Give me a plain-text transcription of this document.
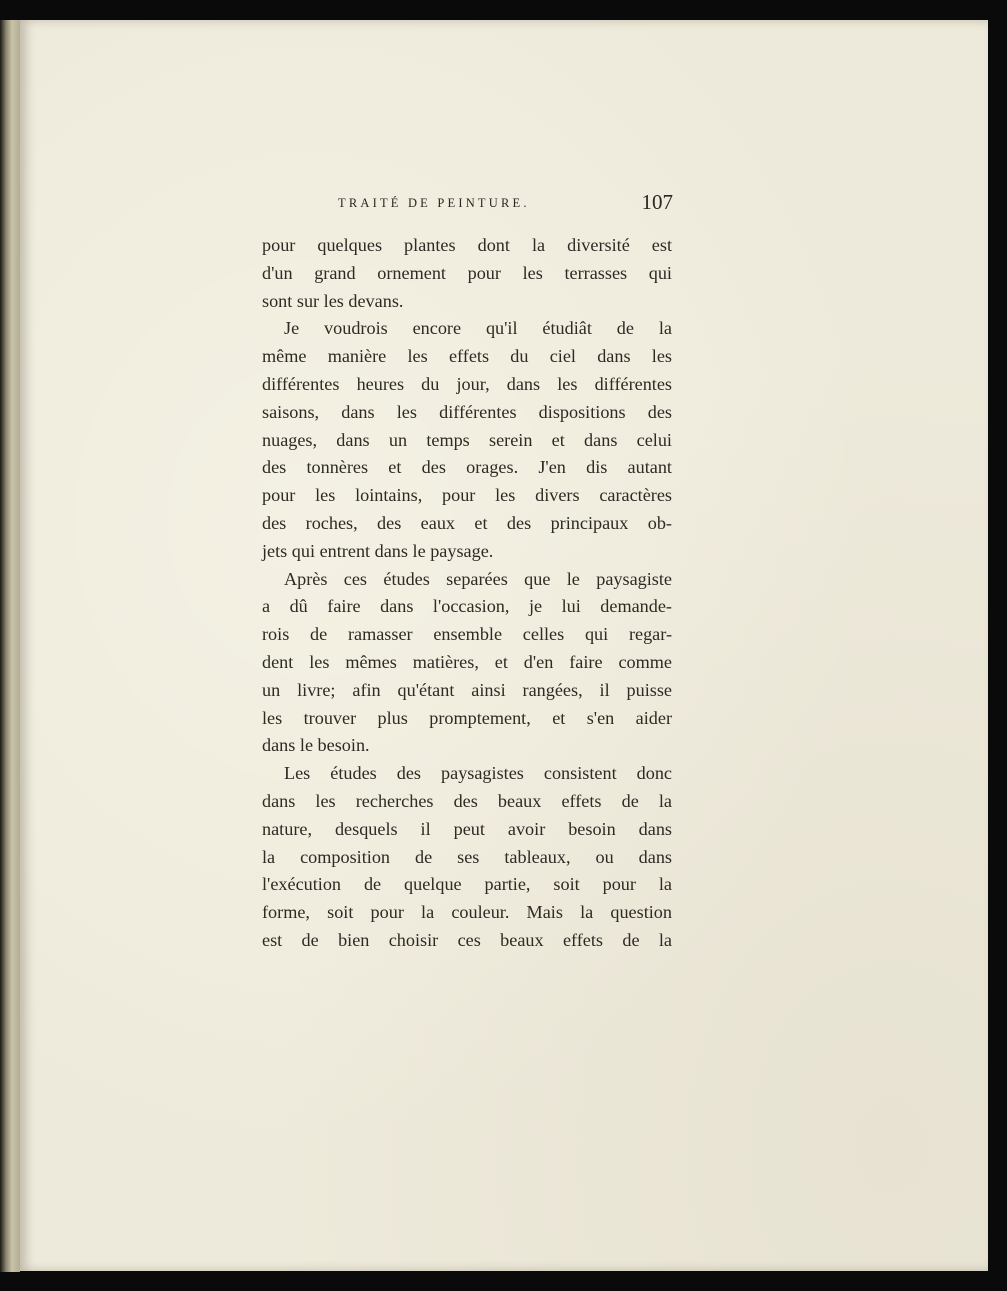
TRAITÉ DE PEINTURE.	107
pour quelques plantes dont la diversité est
d'un grand ornement pour les terrasses qui
sont sur les devans.
Je voudrois encore qu'il étudiât de la
même manière les effets du ciel dans les
différentes heures du jour, dans les différentes
saisons, dans les différentes dispositions des
nuages, dans un temps serein et dans celui
des tonnères et des orages. J'en dis autant
pour les lointains, pour les divers caractères
des roches, des eaux et des principaux ob-
jets qui entrent dans le paysage.
Après ces études separées que le paysagiste
a dû faire dans l'occasion, je lui demande-
rois de ramasser ensemble celles qui regar-
dent les mêmes matières, et d'en faire comme
un livre; afin qu'étant ainsi rangées, il puisse
les trouver plus promptement, et s'en aider
dans le besoin.
Les études des paysagistes consistent donc
dans les recherches des beaux effets de la
nature, desquels il peut avoir besoin dans
la composition de ses tableaux, ou dans
l'exécution de quelque partie, soit pour la
forme, soit pour la couleur. Mais la question
est de bien choisir ces beaux effets de la
